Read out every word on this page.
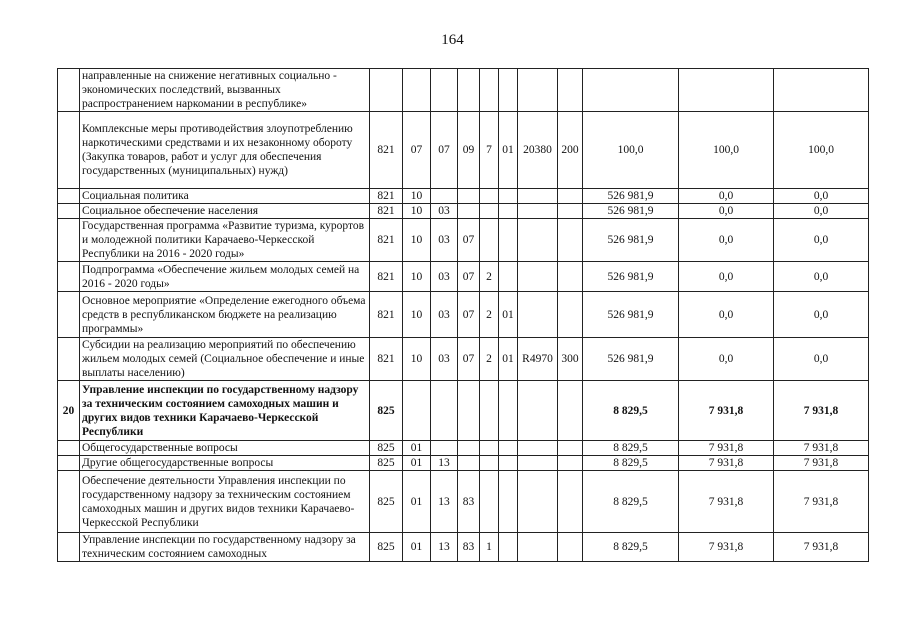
164
	направленные на снижение негативных социально - экономических последствий, вызванных распространением наркомании в республике»											
	Комплексные меры противодействия злоупотреблению наркотическими средствами и их незаконному обороту (Закупка товаров, работ и услуг для обеспечения государственных (муниципальных) нужд)	821	07	07	09	7	01	20380	200	100,0	100,0	100,0
	Социальная политика	821	10							526 981,9	0,0	0,0
	Социальное обеспечение населения	821	10	03						526 981,9	0,0	0,0
	Государственная программа «Развитие туризма, курортов и молодежной политики Карачаево-Черкесской Республики на 2016 - 2020 годы»	821	10	03	07					526 981,9	0,0	0,0
	Подпрограмма «Обеспечение жильем молодых семей на 2016 - 2020 годы»	821	10	03	07	2				526 981,9	0,0	0,0
	Основное мероприятие «Определение ежегодного объема средств в республиканском бюджете на реализацию программы»	821	10	03	07	2	01			526 981,9	0,0	0,0
	Субсидии на реализацию мероприятий по обеспечению жильем молодых семей (Социальное обеспечение и иные выплаты населению)	821	10	03	07	2	01	R4970	300	526 981,9	0,0	0,0
20	Управление инспекции по государственному надзору за техническим состоянием самоходных машин и других видов техники Карачаево-Черкесской Республики	825								8 829,5	7 931,8	7 931,8
	Общегосударственные вопросы	825	01							8 829,5	7 931,8	7 931,8
	Другие общегосударственные вопросы	825	01	13						8 829,5	7 931,8	7 931,8
	Обеспечение деятельности Управления инспекции по государственному надзору за техническим состоянием самоходных машин и других видов техники Карачаево-Черкесской Республики	825	01	13	83					8 829,5	7 931,8	7 931,8
	Управление инспекции по государственному надзору за техническим состоянием самоходных	825	01	13	83	1				8 829,5	7 931,8	7 931,8
